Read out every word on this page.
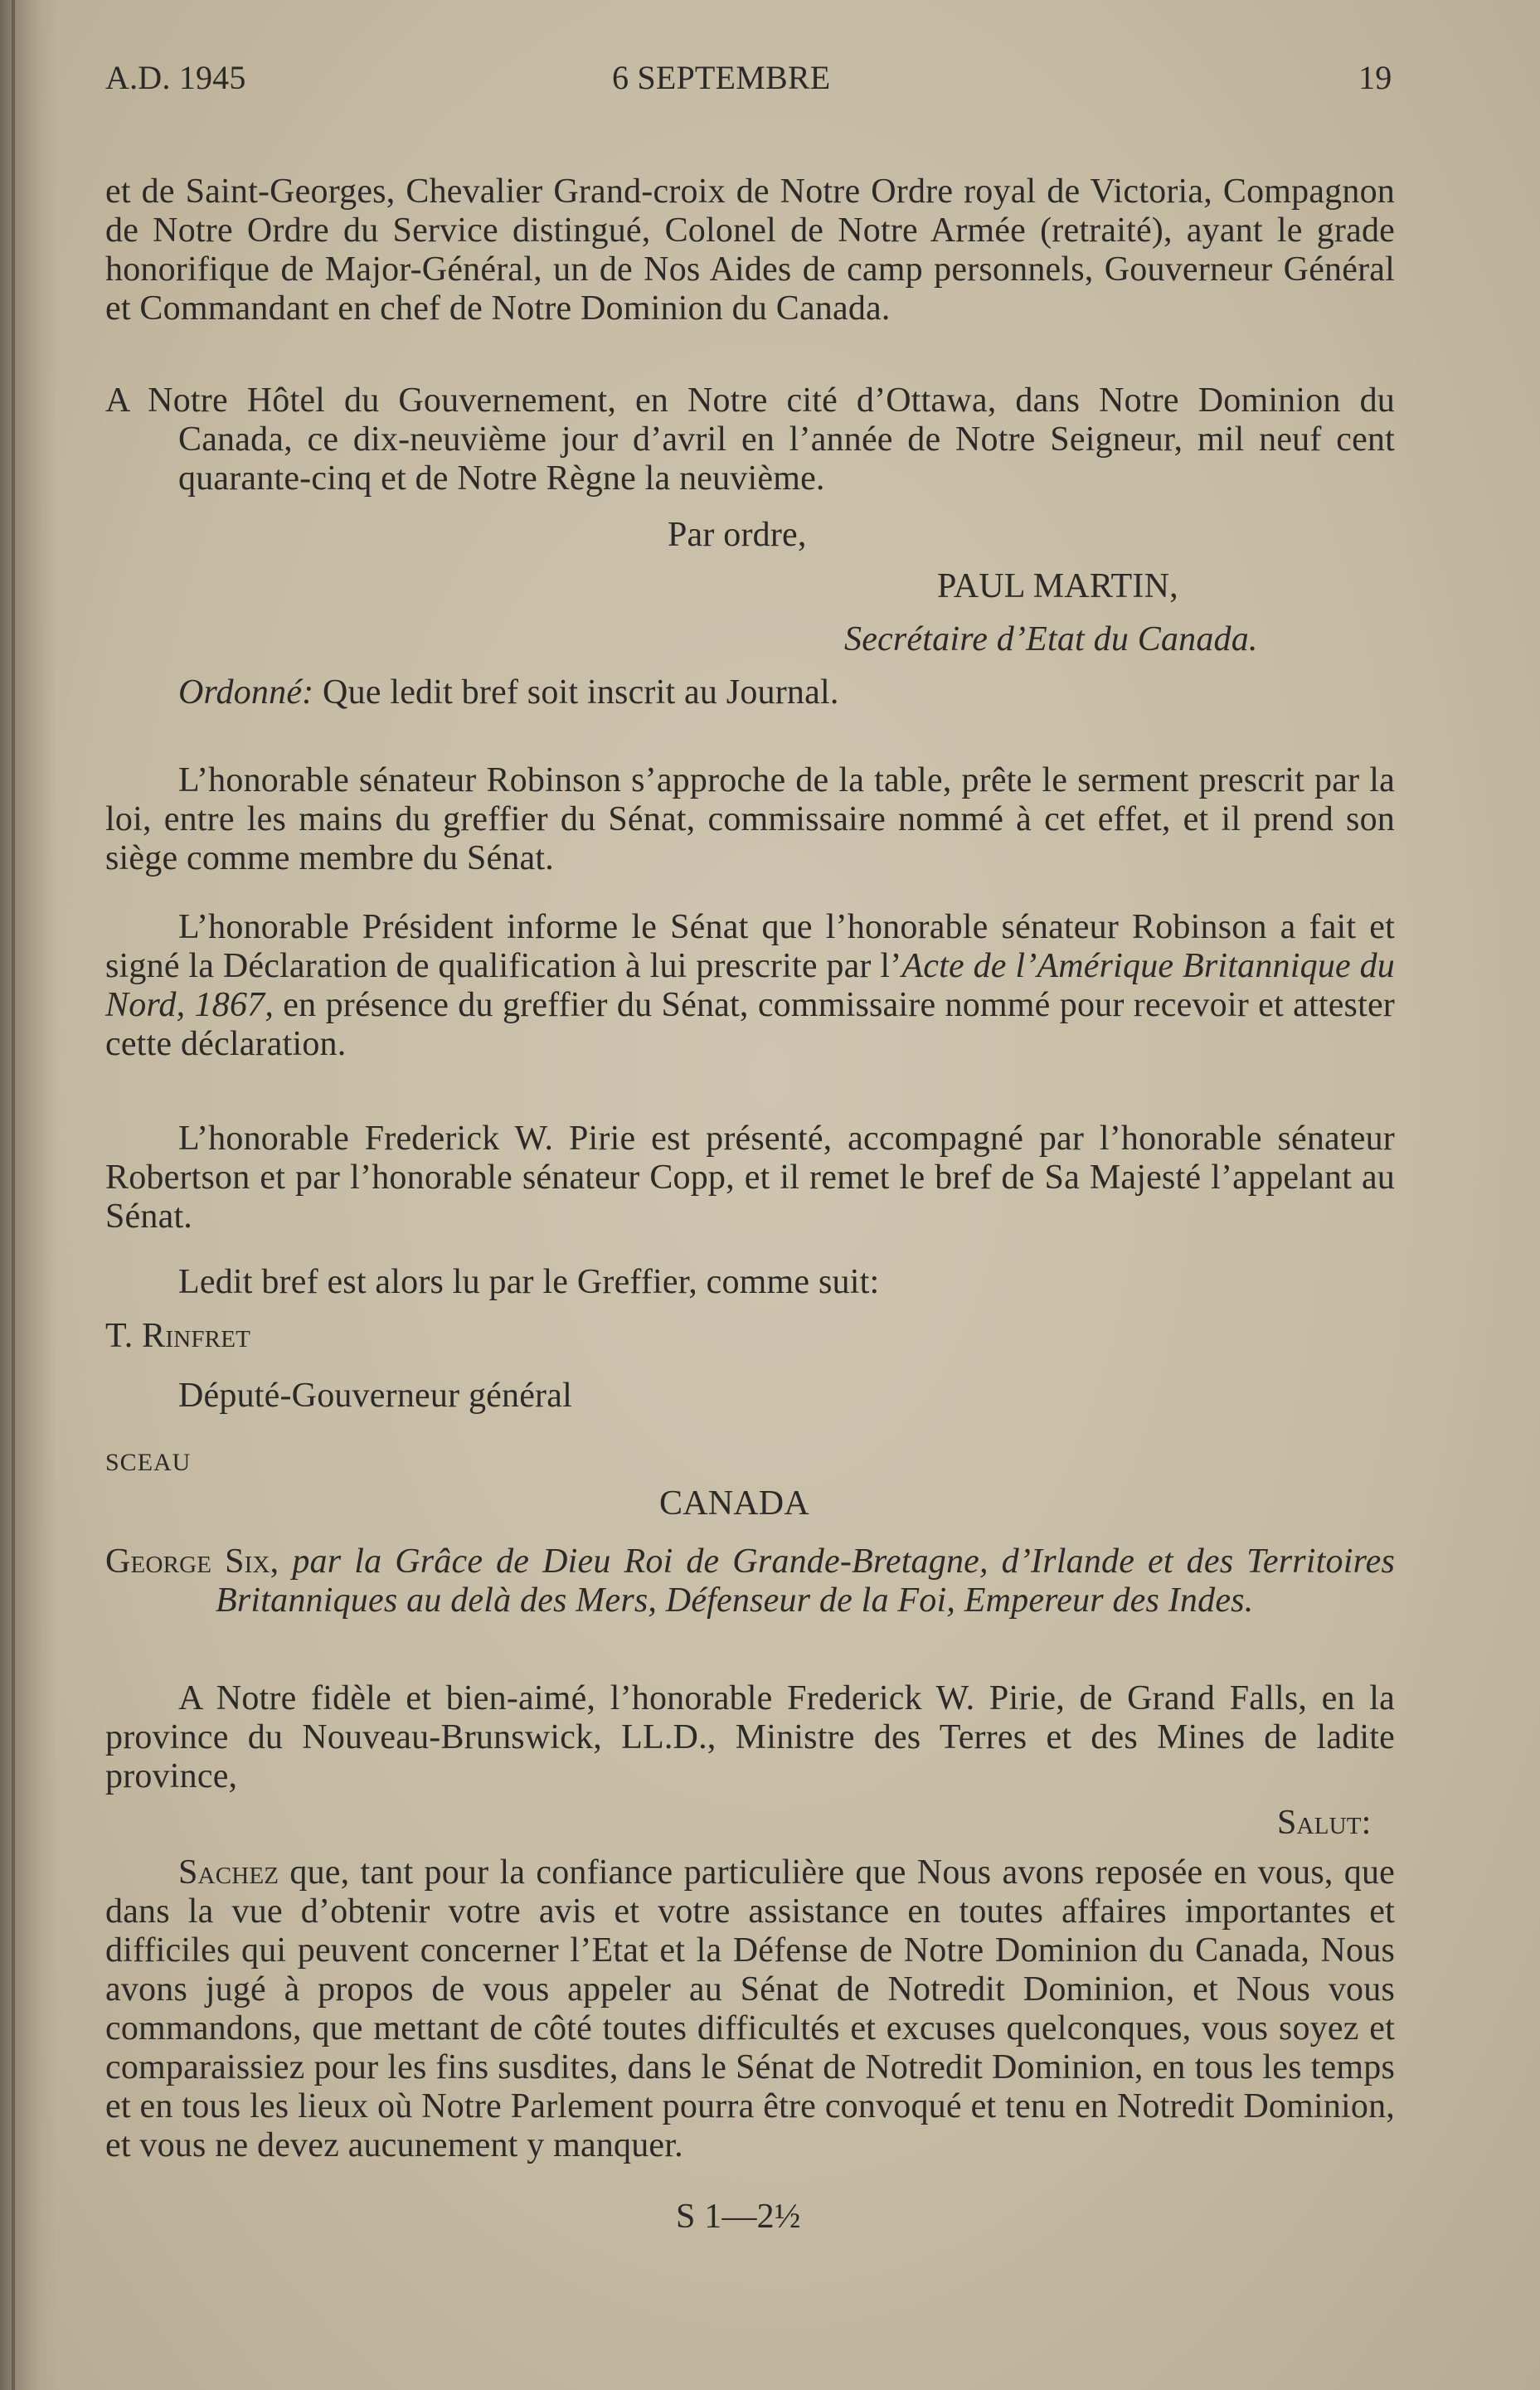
A.D. 1945	6 SEPTEMBRE	19

et de Saint-Georges, Chevalier Grand-croix de Notre Ordre royal de Victoria, Compagnon de Notre Ordre du Service distingué, Colonel de Notre Armée (retraité), ayant le grade honorifique de Major-Général, un de Nos Aides de camp personnels, Gouverneur Général et Commandant en chef de Notre Dominion du Canada.

A Notre Hôtel du Gouvernement, en Notre cité d’Ottawa, dans Notre Dominion du Canada, ce dix-neuvième jour d’avril en l’année de Notre Seigneur, mil neuf cent quarante-cinq et de Notre Règne la neuvième.

Par ordre,
PAUL MARTIN,
Secrétaire d’Etat du Canada.
Ordonné: Que ledit bref soit inscrit au Journal.

L’honorable sénateur Robinson s’approche de la table, prête le serment prescrit par la loi, entre les mains du greffier du Sénat, commissaire nommé à cet effet, et il prend son siège comme membre du Sénat.

L’honorable Président informe le Sénat que l’honorable sénateur Robinson a fait et signé la Déclaration de qualification à lui prescrite par l’Acte de l’Amérique Britannique du Nord, 1867, en présence du greffier du Sénat, commissaire nommé pour recevoir et attester cette déclaration.

L’honorable Frederick W. Pirie est présenté, accompagné par l’honorable sénateur Robertson et par l’honorable sénateur Copp, et il remet le bref de Sa Majesté l’appelant au Sénat.

Ledit bref est alors lu par le Greffier, comme suit:
T. Rinfret
Député-Gouverneur général
SCEAU
CANADA

George Six, par la Grâce de Dieu Roi de Grande-Bretagne, d’Irlande et des Territoires Britanniques au delà des Mers, Défenseur de la Foi, Empereur des Indes.

A Notre fidèle et bien-aimé, l’honorable Frederick W. Pirie, de Grand Falls, en la province du Nouveau-Brunswick, LL.D., Ministre des Terres et des Mines de ladite province,

Salut:

Sachez que, tant pour la confiance particulière que Nous avons reposée en vous, que dans la vue d’obtenir votre avis et votre assistance en toutes affaires importantes et difficiles qui peuvent concerner l’Etat et la Défense de Notre Dominion du Canada, Nous avons jugé à propos de vous appeler au Sénat de Notredit Dominion, et Nous vous commandons, que mettant de côté toutes difficultés et excuses quelconques, vous soyez et comparaissiez pour les fins susdites, dans le Sénat de Notredit Dominion, en tous les temps et en tous les lieux où Notre Parlement pourra être convoqué et tenu en Notredit Dominion, et vous ne devez aucunement y manquer.

S 1—2½
